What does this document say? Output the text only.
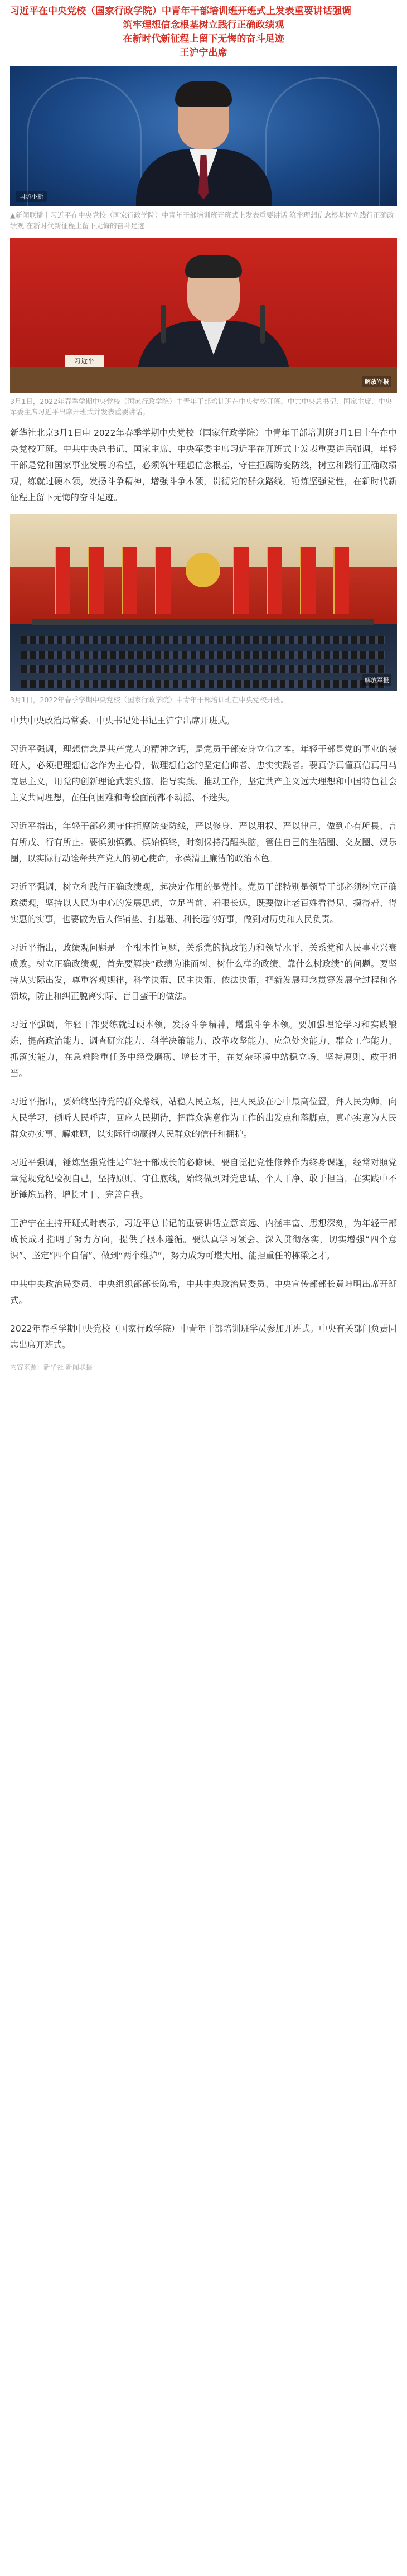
习近平在中央党校（国家行政学院）中青年干部培训班开班式上发表重要讲话强调

筑牢理想信念根基树立践行正确政绩观

在新时代新征程上留下无悔的奋斗足迹

王沪宁出席

国防小新
▲新闻联播丨习近平在中央党校（国家行政学院）中青年干部培训班开班式上发表重要讲话 筑牢理想信念根基树立践行正确政绩观 在新时代新征程上留下无悔的奋斗足迹
习近平
解放军报
3月1日，2022年春季学期中央党校（国家行政学院）中青年干部培训班在中央党校开班。中共中央总书记、国家主席、中央军委主席习近平出席开班式并发表重要讲话。

新华社北京3月1日电 2022年春季学期中央党校（国家行政学院）中青年干部培训班3月1日上午在中央党校开班。中共中央总书记、国家主席、中央军委主席习近平在开班式上发表重要讲话强调，年轻干部是党和国家事业发展的希望，必须筑牢理想信念根基，守住拒腐防变防线，树立和践行正确政绩观，练就过硬本领，发扬斗争精神，增强斗争本领，贯彻党的群众路线，锤炼坚强党性，在新时代新征程上留下无悔的奋斗足迹。

解放军报
3月1日，2022年春季学期中央党校（国家行政学院）中青年干部培训班在中央党校开班。

中共中央政治局常委、中央书记处书记王沪宁出席开班式。

习近平强调，理想信念是共产党人的精神之钙，是党员干部安身立命之本。年轻干部是党的事业的接班人，必须把理想信念作为主心骨，做理想信念的坚定信仰者、忠实实践者。要真学真懂真信真用马克思主义，用党的创新理论武装头脑、指导实践、推动工作，坚定共产主义远大理想和中国特色社会主义共同理想，在任何困难和考验面前都不动摇、不迷失。

习近平指出，年轻干部必须守住拒腐防变防线，严以修身、严以用权、严以律己，做到心有所畏、言有所戒、行有所止。要慎独慎微、慎始慎终，时刻保持清醒头脑，管住自己的生活圈、交友圈、娱乐圈，以实际行动诠释共产党人的初心使命，永葆清正廉洁的政治本色。

习近平强调，树立和践行正确政绩观，起决定作用的是党性。党员干部特别是领导干部必须树立正确政绩观，坚持以人民为中心的发展思想，立足当前、着眼长远，既要做让老百姓看得见、摸得着、得实惠的实事，也要做为后人作铺垫、打基础、利长远的好事，做到对历史和人民负责。

习近平指出，政绩观问题是一个根本性问题，关系党的执政能力和领导水平，关系党和人民事业兴衰成败。树立正确政绩观，首先要解决“政绩为谁而树、树什么样的政绩、靠什么树政绩”的问题。要坚持从实际出发，尊重客观规律，科学决策、民主决策、依法决策，把新发展理念贯穿发展全过程和各领域，防止和纠正脱离实际、盲目蛮干的做法。

习近平强调，年轻干部要练就过硬本领，发扬斗争精神，增强斗争本领。要加强理论学习和实践锻炼，提高政治能力、调查研究能力、科学决策能力、改革攻坚能力、应急处突能力、群众工作能力、抓落实能力，在急难险重任务中经受磨砺、增长才干，在复杂环境中站稳立场、坚持原则、敢于担当。

习近平指出，要始终坚持党的群众路线，站稳人民立场，把人民放在心中最高位置，拜人民为师，向人民学习，倾听人民呼声，回应人民期待，把群众满意作为工作的出发点和落脚点，真心实意为人民群众办实事、解难题，以实际行动赢得人民群众的信任和拥护。

习近平强调，锤炼坚强党性是年轻干部成长的必修课。要自觉把党性修养作为终身课题，经常对照党章党规党纪检视自己，坚持原则、守住底线，始终做到对党忠诚、个人干净、敢于担当，在实践中不断锤炼品格、增长才干、完善自我。

王沪宁在主持开班式时表示，习近平总书记的重要讲话立意高远、内涵丰富、思想深刻，为年轻干部成长成才指明了努力方向，提供了根本遵循。要认真学习领会、深入贯彻落实，切实增强“四个意识”、坚定“四个自信”、做到“两个维护”，努力成为可堪大用、能担重任的栋梁之才。

中共中央政治局委员、中央组织部部长陈希，中共中央政治局委员、中央宣传部部长黄坤明出席开班式。

2022年春季学期中央党校（国家行政学院）中青年干部培训班学员参加开班式。中央有关部门负责同志出席开班式。

内容来源：新华社 新闻联播
